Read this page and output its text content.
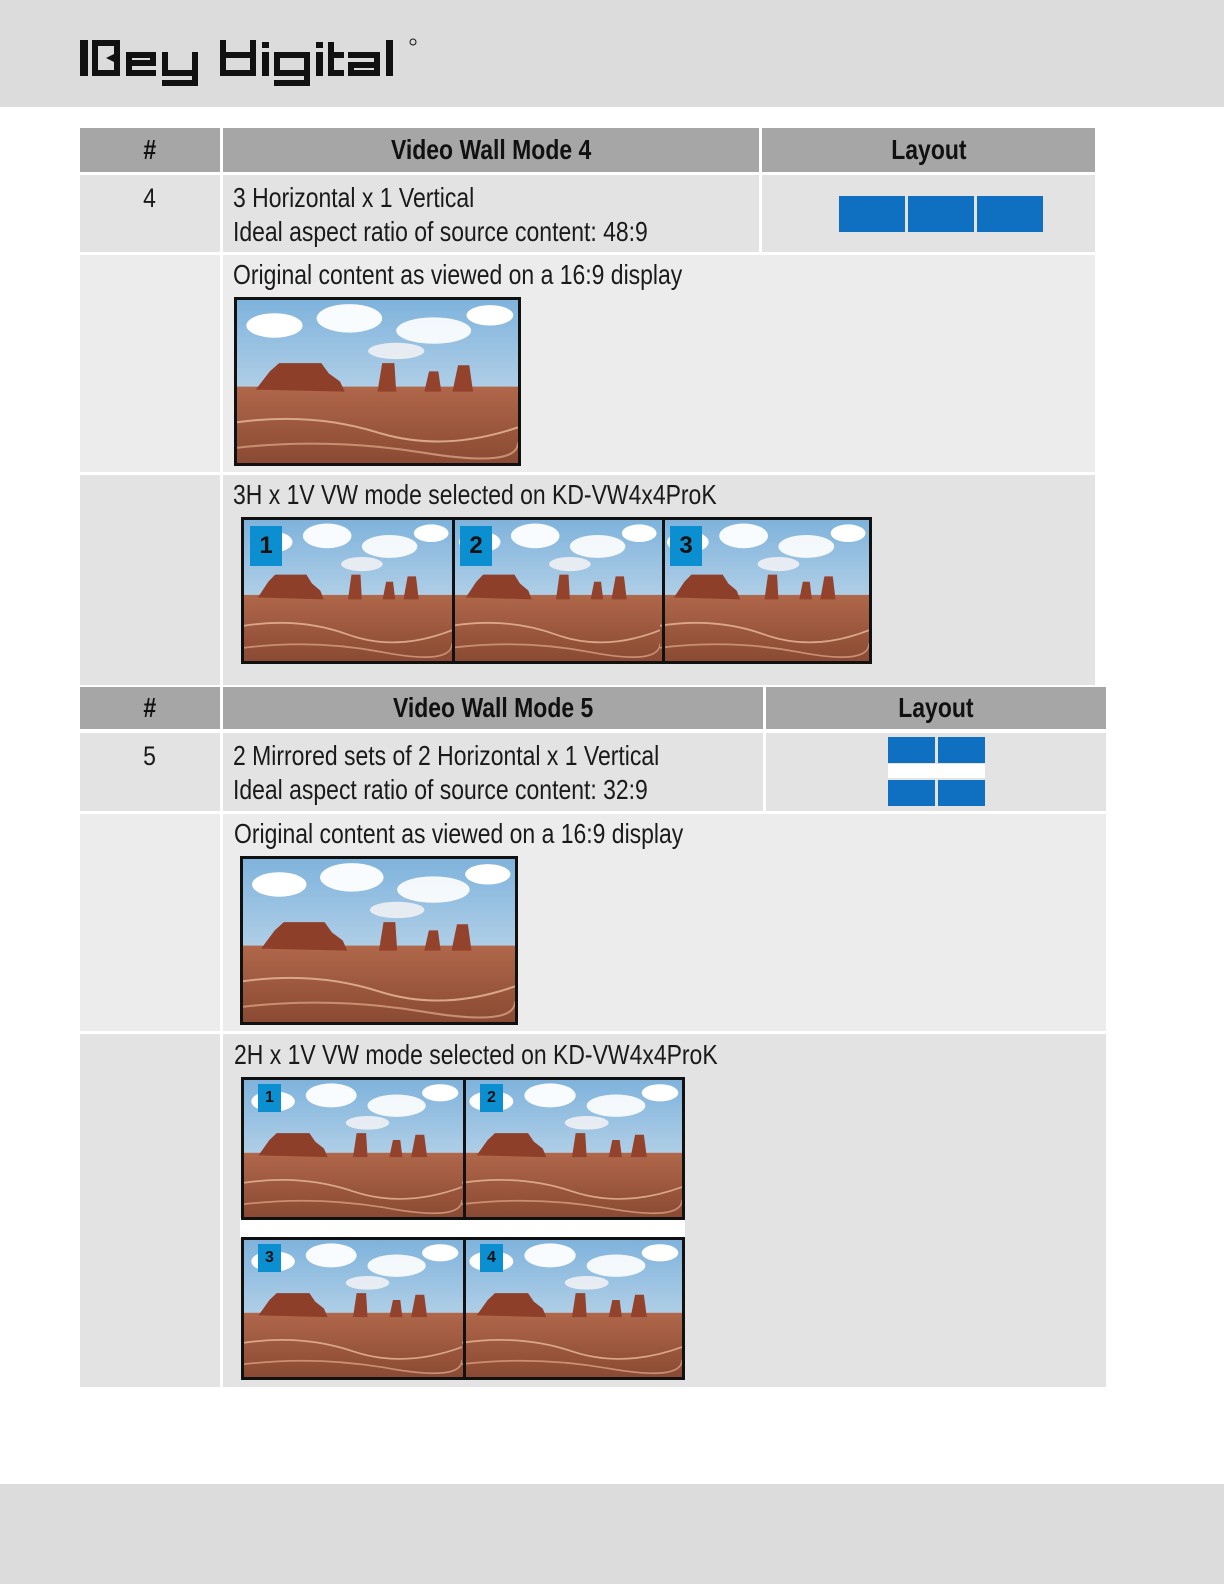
#	Video Wall Mode 4	Layout
4	3 Horizontal x 1 Vertical
Ideal aspect ratio of source content: 48:9
Original content as viewed on a 16:9 display
3H x 1V VW mode selected on KD-VW4x4ProK
1	2	3
#	Video Wall Mode 5	Layout
5	2 Mirrored sets of 2 Horizontal x 1 Vertical
Ideal aspect ratio of source content: 32:9
Original content as viewed on a 16:9 display
2H x 1V VW mode selected on KD-VW4x4ProK
1	2
3	4
